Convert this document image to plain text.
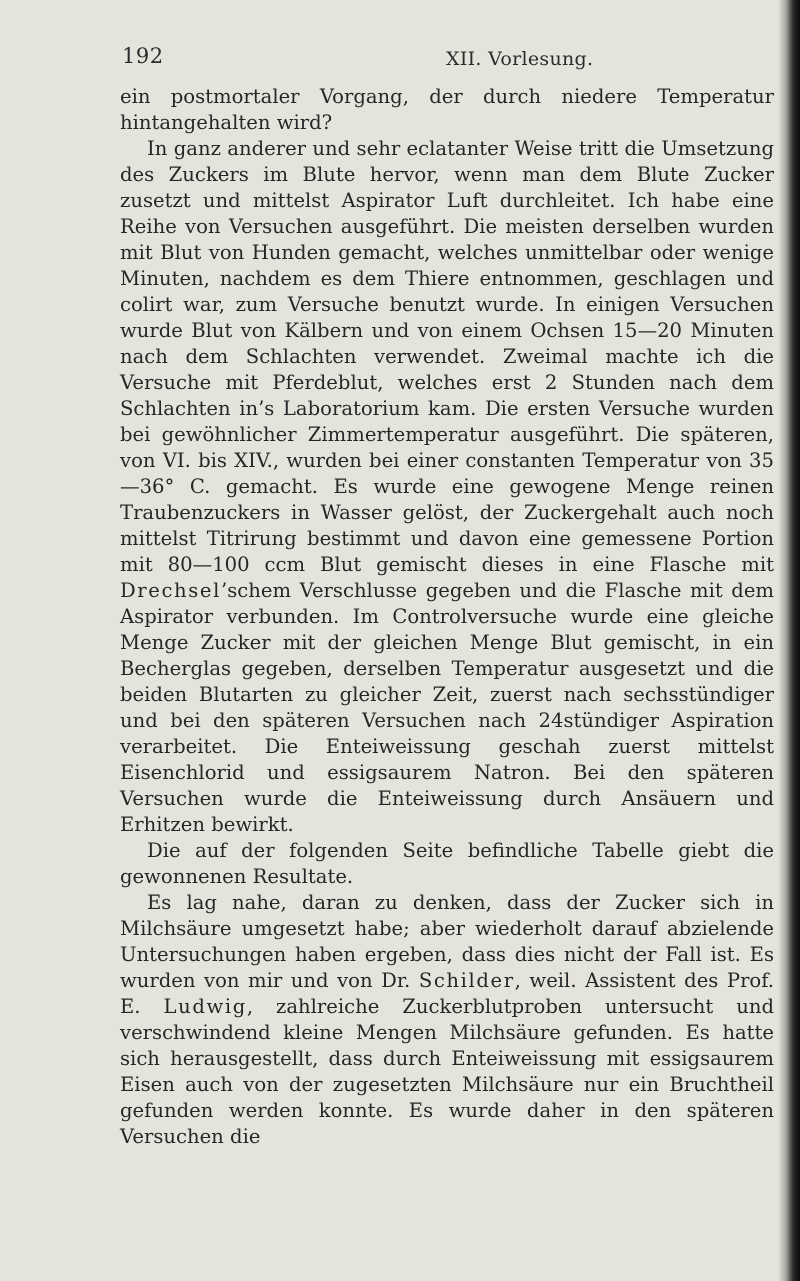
192	XII. Vorlesung.

ein postmortaler Vorgang, der durch niedere Temperatur hintangehalten wird?

In ganz anderer und sehr eclatanter Weise tritt die Umsetzung des Zuckers im Blute hervor, wenn man dem Blute Zucker zusetzt und mittelst Aspirator Luft durchleitet. Ich habe eine Reihe von Versuchen ausgeführt. Die meisten derselben wurden mit Blut von Hunden gemacht, welches unmittelbar oder wenige Minuten, nachdem es dem Thiere entnommen, geschlagen und colirt war, zum Versuche benutzt wurde. In einigen Versuchen wurde Blut von Kälbern und von einem Ochsen 15—20 Minuten nach dem Schlachten verwendet. Zweimal machte ich die Versuche mit Pferdeblut, welches erst 2 Stunden nach dem Schlachten in’s Laboratorium kam. Die ersten Versuche wurden bei gewöhnlicher Zimmertemperatur ausgeführt. Die späteren, von VI. bis XIV., wurden bei einer constanten Temperatur von 35—36° C. gemacht. Es wurde eine gewogene Menge reinen Traubenzuckers in Wasser gelöst, der Zuckergehalt auch noch mittelst Titrirung bestimmt und davon eine gemessene Portion mit 80—100 ccm Blut gemischt dieses in eine Flasche mit Drechsel’schem Verschlusse gegeben und die Flasche mit dem Aspirator verbunden. Im Controlversuche wurde eine gleiche Menge Zucker mit der gleichen Menge Blut gemischt, in ein Becherglas gegeben, derselben Temperatur ausgesetzt und die beiden Blutarten zu gleicher Zeit, zuerst nach sechsstündiger und bei den späteren Versuchen nach 24stündiger Aspiration verarbeitet. Die Enteiweissung geschah zuerst mittelst Eisenchlorid und essigsaurem Natron. Bei den späteren Versuchen wurde die Enteiweissung durch Ansäuern und Erhitzen bewirkt.

Die auf der folgenden Seite befindliche Tabelle giebt die gewonnenen Resultate.

Es lag nahe, daran zu denken, dass der Zucker sich in Milchsäure umgesetzt habe; aber wiederholt darauf abzielende Untersuchungen haben ergeben, dass dies nicht der Fall ist. Es wurden von mir und von Dr. Schilder, weil. Assistent des Prof. E. Ludwig, zahlreiche Zuckerblutproben untersucht und verschwindend kleine Mengen Milchsäure gefunden. Es hatte sich herausgestellt, dass durch Enteiweissung mit essigsaurem Eisen auch von der zugesetzten Milchsäure nur ein Bruchtheil gefunden werden konnte. Es wurde daher in den späteren Versuchen die
